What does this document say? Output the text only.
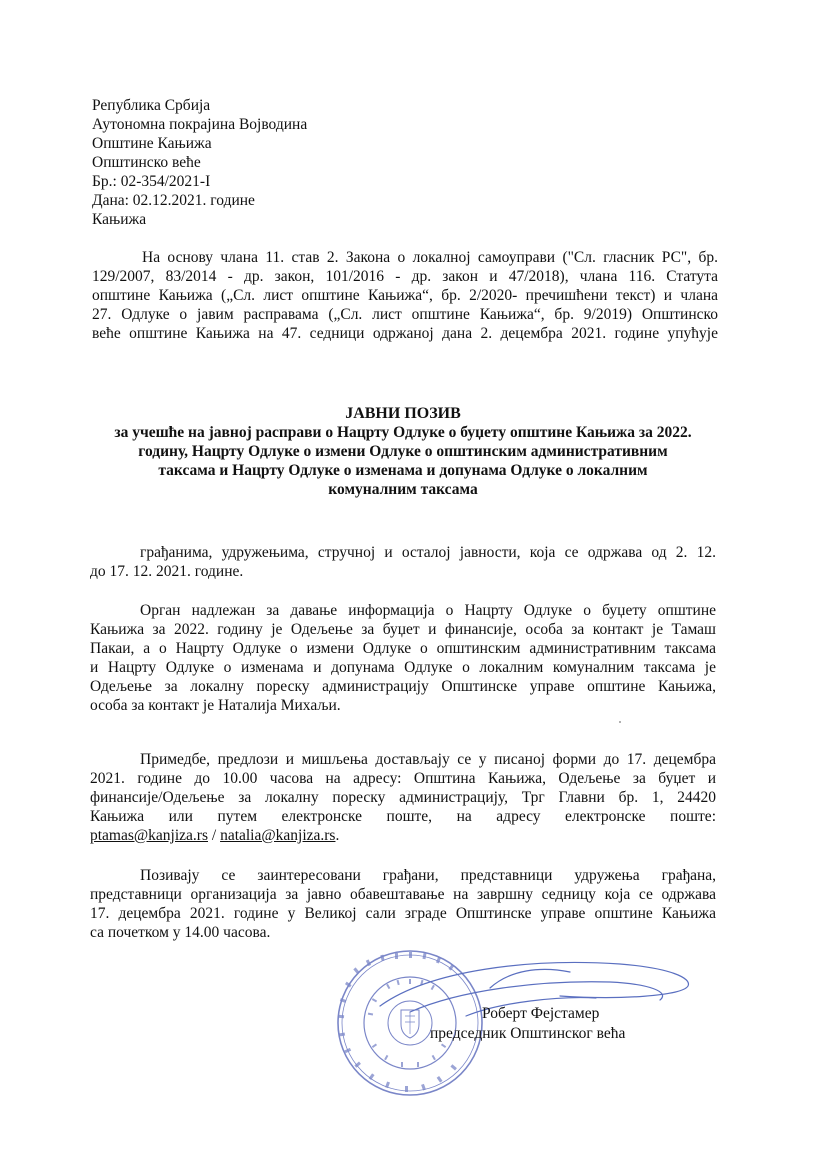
Република Србија
Аутономна покрајина Војводина
Општине Кањижа
Општинско веће
Бр.: 02-354/2021-I
Дана: 02.12.2021. године
Кањижа
На основу члана 11. став 2. Закона о локалној самоуправи ("Сл. гласник РС", бр.
129/2007, 83/2014 - др. закон, 101/2016 - др. закон и 47/2018), члана 116. Статута
општине Кањижа („Сл. лист општине Кањижа“, бр. 2/2020- пречишћени текст) и члана
27. Одлуке о јавим расправама („Сл. лист општине Кањижа“, бр. 9/2019) Општинско
веће општине Кањижа на 47. седници одржаној дана 2. децембра 2021. године упућује
ЈАВНИ ПОЗИВ
за учешће на јавној расправи о Нацрту Одлуке о буџету општине Кањижа за 2022.
годину, Нацрту Одлуке о измени Одлуке о општинским административним
таксама и Нацрту Одлуке о изменама и допунама Одлуке о локалним
комуналним таксама
грађанима, удружењима, стручној и осталој јавности, која се одржава од 2. 12.
до 17. 12. 2021. године.
Орган надлежан за давање информација о Нацрту Одлуке о буџету општине
Кањижа за 2022. годину је Одељење за буџет и финансије, особа за контакт је Тамаш
Пакаи, а о Нацрту Одлуке о измени Одлуке о општинским административним таксама
и Нацрту Одлуке о изменама и допунама Одлуке о локалним комуналним таксама је
Одељење за локалну пореску администрацију Општинске управе општине Кањижа,
особа за контакт је Наталија Михаљи.
Примедбе, предлози и мишљења достављају се у писаној форми до 17. децембра
2021. године до 10.00 часова на адресу: Општина Кањижа, Одељење за буџет и
финансије/Одељење за локалну пореску администрацију, Трг Главни бр. 1, 24420
Кањижа или путем електронске поште, на адресу електронске поште:
ptamas@kanjiza.rs / natalia@kanjiza.rs.
Позивају се заинтересовани грађани, представници удружења грађана,
представници организација за јавно обавештавање на завршну седницу која се одржава
17. децембра 2021. године у Великој сали зграде Општинске управе општине Кањижа
са почетком у 14.00 часова.
Роберт Фејстамер
председник Општинског већа
